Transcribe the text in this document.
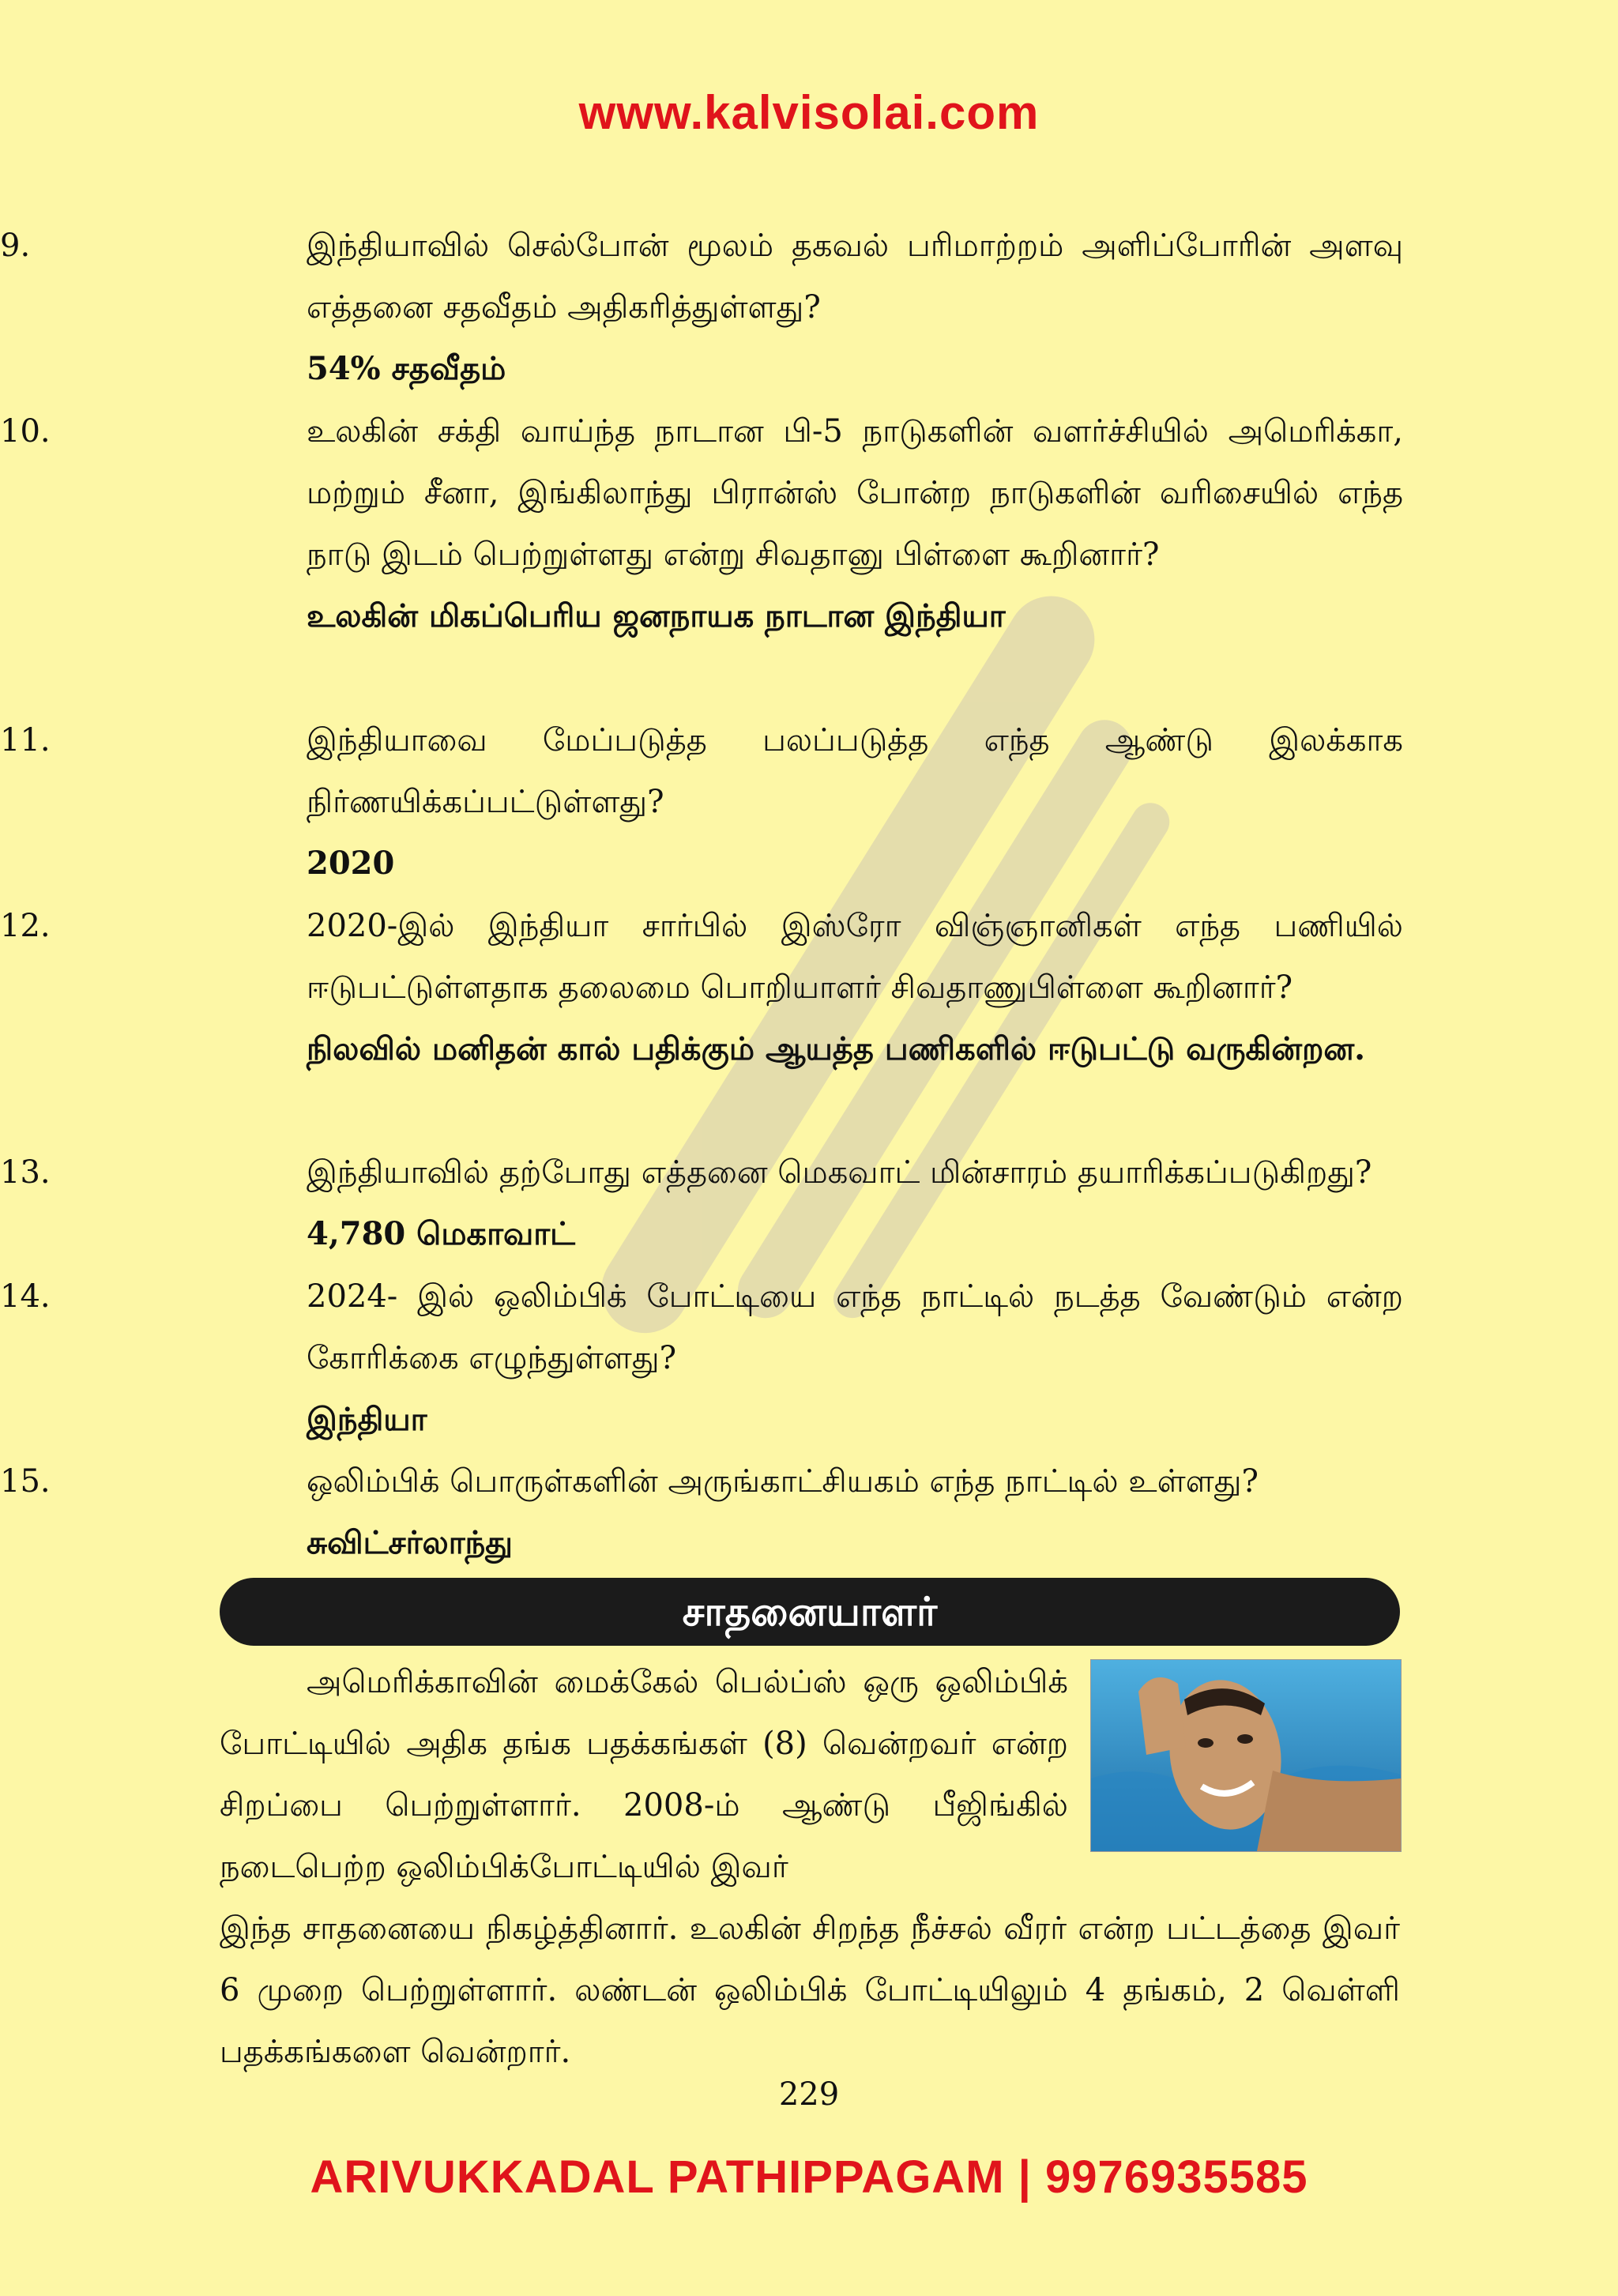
www.kalvisolai.com
9.	இந்தியாவில் செல்போன் மூலம் தகவல் பரிமாற்றம் அளிப்போரின் அளவு எத்தனை சதவீதம் அதிகரித்துள்ளது?
54% சதவீதம்
10.	உலகின் சக்தி வாய்ந்த நாடான பி-5 நாடுகளின் வளர்ச்சியில் அமெரிக்கா, மற்றும் சீனா, இங்கிலாந்து பிரான்ஸ் போன்ற நாடுகளின் வரிசையில் எந்த நாடு இடம் பெற்றுள்ளது என்று சிவதானு பிள்ளை கூறினார்?
உலகின் மிகப்பெரிய ஜனநாயக நாடான இந்தியா
11.	இந்தியாவை மேப்படுத்த பலப்படுத்த எந்த ஆண்டு இலக்காக நிர்ணயிக்கப்பட்டுள்ளது?
2020
12.	2020-இல் இந்தியா சார்பில் இஸ்ரோ விஞ்ஞானிகள் எந்த பணியில் ஈடுபட்டுள்ளதாக தலைமை பொறியாளர் சிவதாணுபிள்ளை கூறினார்?
நிலவில் மனிதன் கால் பதிக்கும் ஆயத்த பணிகளில் ஈடுபட்டு வருகின்றன.
13.	இந்தியாவில் தற்போது எத்தனை மெகவாட் மின்சாரம் தயாரிக்கப்படுகிறது?
4,780 மெகாவாட்
14.	2024- இல் ஒலிம்பிக் போட்டியை எந்த நாட்டில் நடத்த வேண்டும் என்ற கோரிக்கை எழுந்துள்ளது?
இந்தியா
15.	ஒலிம்பிக் பொருள்களின் அருங்காட்சியகம் எந்த நாட்டில் உள்ளது?
சுவிட்சர்லாந்து
சாதனையாளர்
அமெரிக்காவின் மைக்கேல் பெல்ப்ஸ் ஒரு ஒலிம்பிக் போட்டியில் அதிக தங்க பதக்கங்கள் (8) வென்றவர் என்ற சிறப்பை பெற்றுள்ளார். 2008-ம் ஆண்டு பீஜிங்கில் நடைபெற்ற ஒலிம்பிக்போட்டியில் இவர்
இந்த சாதனையை நிகழ்த்தினார். உலகின் சிறந்த நீச்சல் வீரர் என்ற பட்டத்தை இவர் 6 முறை பெற்றுள்ளார். லண்டன் ஒலிம்பிக் போட்டியிலும் 4 தங்கம், 2 வெள்ளி பதக்கங்களை வென்றார்.
229
ARIVUKKADAL PATHIPPAGAM | 9976935585
